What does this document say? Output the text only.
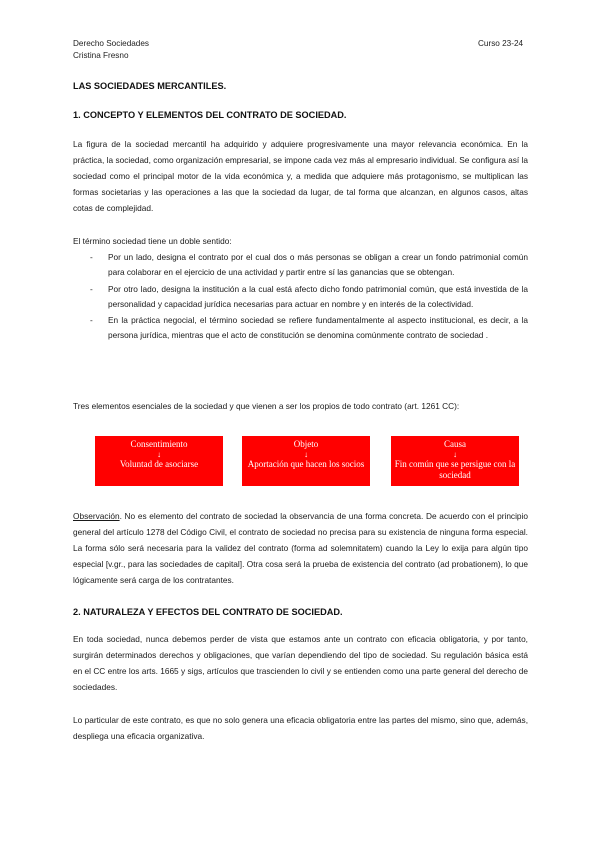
Derecho Sociedades
Cristina Fresno
Curso 23-24
LAS SOCIEDADES MERCANTILES.
1. CONCEPTO Y ELEMENTOS DEL CONTRATO DE SOCIEDAD.

La figura de la sociedad mercantil ha adquirido y adquiere progresivamente una mayor relevancia económica. En la práctica, la sociedad, como organización empresarial, se impone cada vez más al empresario individual. Se configura así la sociedad como el principal motor de la vida económica y, a medida que adquiere más protagonismo, se multiplican las formas societarias y las operaciones a las que la sociedad da lugar, de tal forma que alcanzan, en algunos casos, altas cotas de complejidad.

El término sociedad tiene un doble sentido:

- Por un lado, designa el contrato por el cual dos o más personas se obligan a crear un fondo patrimonial común para colaborar en el ejercicio de una actividad y partir entre sí las ganancias que se obtengan.
- Por otro lado, designa la institución a la cual está afecto dicho fondo patrimonial común, que está investida de la personalidad y capacidad jurídica necesarias para actuar en nombre y en interés de la colectividad.
- En la práctica negocial, el término sociedad se refiere fundamentalmente al aspecto institucional, es decir, a la persona jurídica, mientras que el acto de constitución se denomina comúnmente contrato de sociedad .

Tres elementos esenciales de la sociedad y que vienen a ser los propios de todo contrato (art. 1261 CC):

Consentimiento
↓
Voluntad de asociarse
Objeto
↓
Aportación que hacen los socios
Causa
↓
Fin común que se persigue con la sociedad

Observación. No es elemento del contrato de sociedad la observancia de una forma concreta. De acuerdo con el principio general del artículo 1278 del Código Civil, el contrato de sociedad no precisa para su existencia de ninguna forma especial. La forma sólo será necesaria para la validez del contrato (forma ad solemnitatem) cuando la Ley lo exija para algún tipo especial [v.gr., para las sociedades de capital]. Otra cosa será la prueba de existencia del contrato (ad probationem), lo que lógicamente será carga de los contratantes.

2. NATURALEZA Y EFECTOS DEL CONTRATO DE SOCIEDAD.

En toda sociedad, nunca debemos perder de vista que estamos ante un contrato con eficacia obligatoria, y por tanto, surgirán determinados derechos y obligaciones, que varían dependiendo del tipo de sociedad. Su regulación básica está en el CC entre los arts. 1665 y sigs, artículos que trascienden lo civil y se entienden como una parte general del derecho de sociedades.

Lo particular de este contrato, es que no solo genera una eficacia obligatoria entre las partes del mismo, sino que, además, despliega una eficacia organizativa.
